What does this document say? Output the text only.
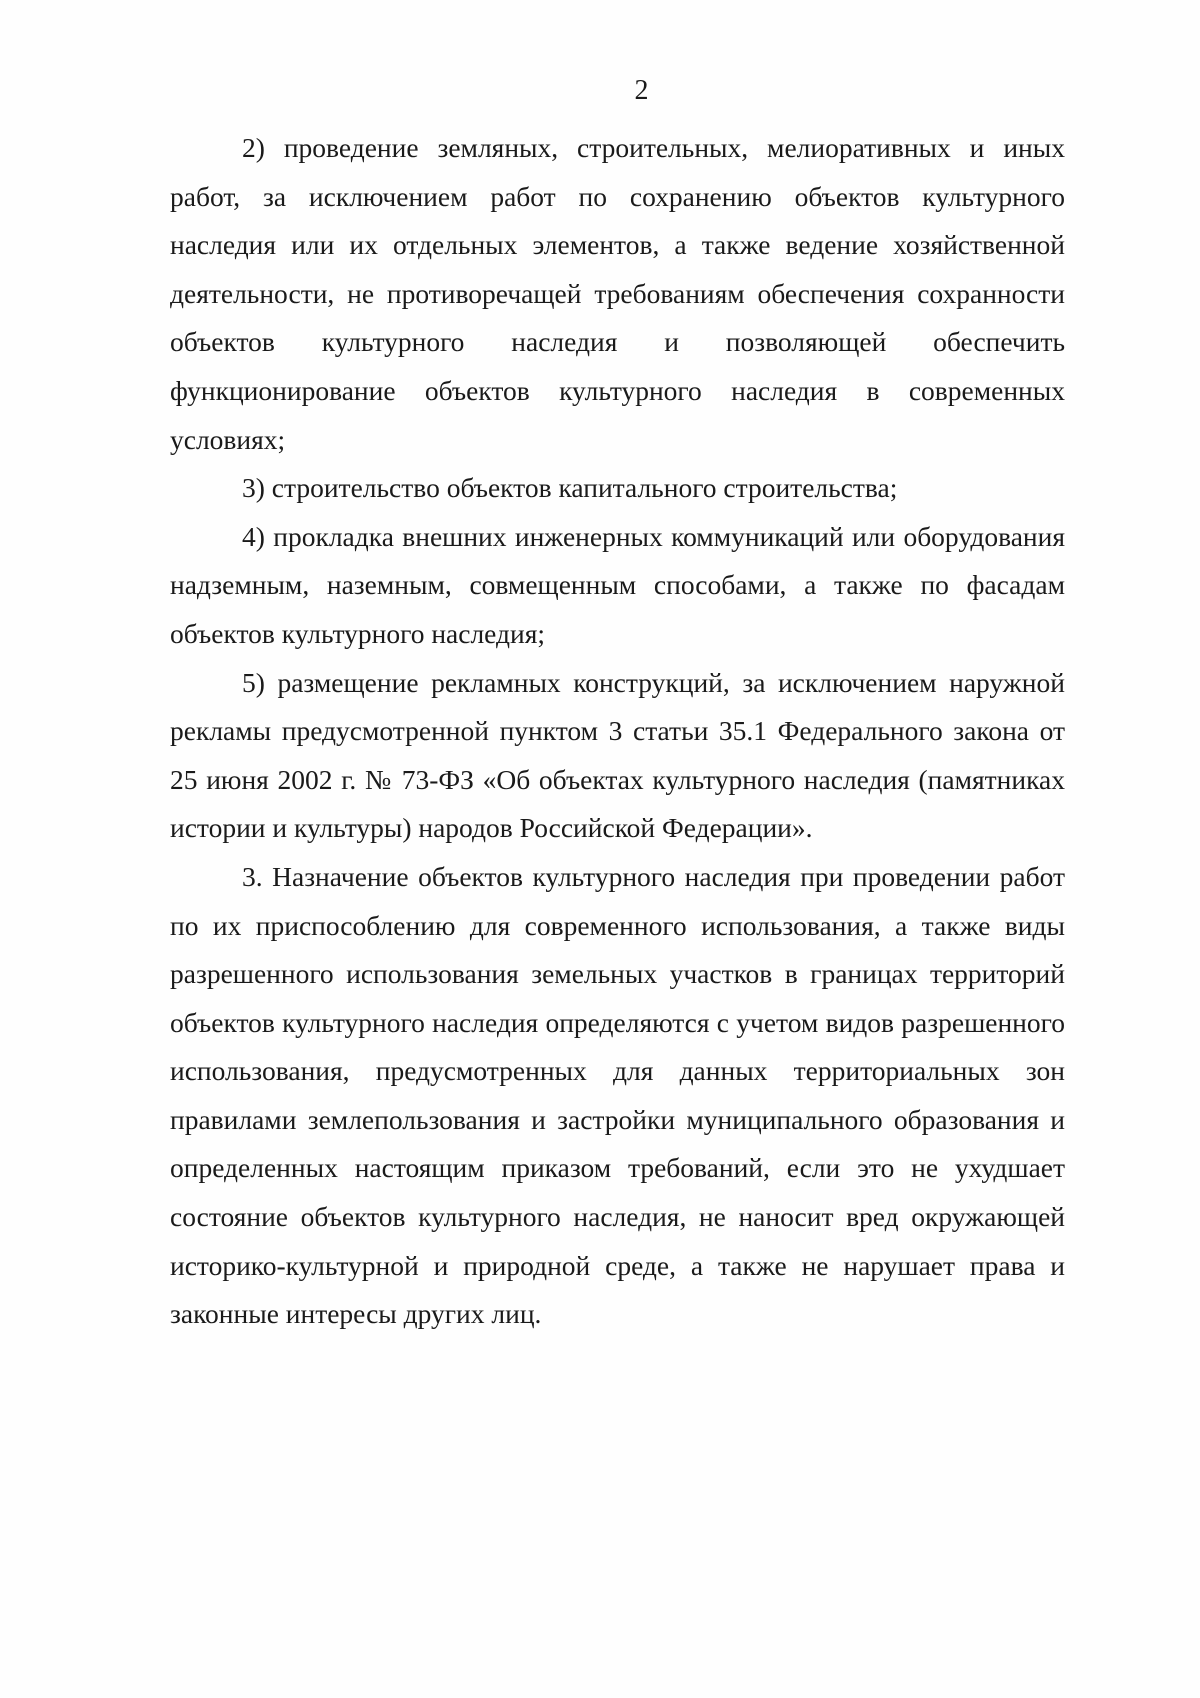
2

2) проведение земляных, строительных, мелиоративных и иных работ, за исключением работ по сохранению объектов культурного наследия или их отдельных элементов, а также ведение хозяйственной деятельности, не противоречащей требованиям обеспечения сохранности объектов культурного наследия и позволяющей обеспечить функционирование объектов культурного наследия в современных условиях;

3) строительство объектов капитального строительства;

4) прокладка внешних инженерных коммуникаций или оборудования надземным, наземным, совмещенным способами, а также по фасадам объектов культурного наследия;

5) размещение рекламных конструкций, за исключением наружной рекламы предусмотренной пунктом 3 статьи 35.1 Федерального закона от 25 июня 2002 г. № 73-ФЗ «Об объектах культурного наследия (памятниках истории и культуры) народов Российской Федерации».

3. Назначение объектов культурного наследия при проведении работ по их приспособлению для современного использования, а также виды разрешенного использования земельных участков в границах территорий объектов культурного наследия определяются с учетом видов разрешенного использования, предусмотренных для данных территориальных зон правилами землепользования и застройки муниципального образования и определенных настоящим приказом требований, если это не ухудшает состояние объектов культурного наследия, не наносит вред окружающей историко-культурной и природной среде, а также не нарушает права и законные интересы других лиц.
